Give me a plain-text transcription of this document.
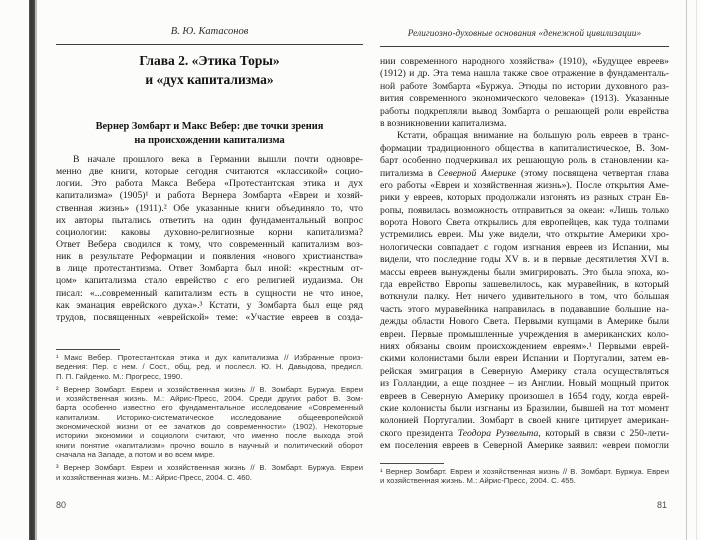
В. Ю. Катасонов
Глава 2. «Этика Торы»
и «дух капитализма»
Вернер Зомбарт и Макс Вебер: две точки зрения
на происхождении капитализма
В начале прошлого века в Германии вышли почти одновре-
менно две книги, которые сегодня считаются «классикой» социо-
логии. Это работа Макса Вебера «Протестантская этика и дух
капитализма» (1905)¹ и работа Вернера Зомбарта «Евреи и хозяй-
ственная жизнь» (1911).² Обе указанные книги объединяло то, что
их авторы пытались ответить на один фундаментальный вопрос
социологии: каковы духовно-религиозные корни капитализма?
Ответ Вебера сводился к тому, что современный капитализм воз-
ник в результате Реформации и появления «нового христианства»
в лице протестантизма. Ответ Зомбарта был иной: «крестным от-
цом» капитализма стало еврейство с его религией иудаизма. Он
писал: «...современный капитализм есть в сущности не что иное,
как эманация еврейского духа».³ Кстати, у Зомбарта был еще ряд
трудов, посвященных «еврейской» теме: «Участие евреев в созда-
¹ Макс Вебер. Протестантская этика и дух капитализма // Избранные произ-
ведения: Пер. с нем. / Сост., общ. ред. и послесл. Ю. Н. Давыдова, предисл.
П. П. Гайденко. М.: Прогресс, 1990.
² Вернер Зомбарт. Евреи и хозяйственная жизнь // В. Зомбарт. Буржуа. Евреи
и хозяйственная жизнь. М.: Айрис-Пресс, 2004. Среди других работ В. Зом-
барта особенно известно его фундаментальное исследование «Современный
капитализм. Историко-систематическое исследование общеевропейской
экономической жизни от ее зачатков до современности» (1902). Некоторые
историки экономики и социологи считают, что именно после выхода этой
книги понятие «капитализм» прочно вошло в научный и политический оборот
сначала на Западе, а потом и во всем мире.
³ Вернер Зомбарт. Евреи и хозяйственная жизнь // В. Зомбарт. Буржуа. Евреи
и хозяйственная жизнь. М.: Айрис-Пресс, 2004. С. 460.
80
Религиозно-духовные основания «денежной цивилизации»
нии современного народного хозяйства» (1910), «Будущее евреев»
(1912) и др. Эта тема нашла также свое отражение в фундаменталь-
ной работе Зомбарта «Буржуа. Этюды по истории духовного раз-
вития современного экономического человека» (1913). Указанные
работы подкрепляли вывод Зомбарта о решающей роли еврейства
в возникновении капитализма.
Кстати, обращая внимание на большую роль евреев в транс-
формации традиционного общества в капиталистическое, В. Зом-
барт особенно подчеркивал их решающую роль в становлении ка-
питализма в Северной Америке (этому посвящена четвертая глава
его работы «Евреи и хозяйственная жизнь»). После открытия Аме-
рики у евреев, которых продолжали изгонять из разных стран Ев-
ропы, появилась возможность отправиться за океан: «Лишь только
ворота Нового Света открылись для европейцев, как туда толпами
устремились евреи. Мы уже видели, что открытие Америки хро-
нологически совпадает с годом изгнания евреев из Испании, мы
видели, что последние годы XV в. и в первые десятилетия XVI в.
массы евреев вынуждены были эмигрировать. Это была эпоха, ко-
гда еврейство Европы зашевелилось, как муравейник, в который
воткнули палку. Нет ничего удивительного в том, что бо́льшая
часть этого муравейника направилась в подававшие большие на-
дежды области Нового Света. Первыми купцами в Америке были
евреи. Первые промышленные учреждения в американских коло-
ниях обязаны своим происхождением евреям».¹ Первыми еврей-
скими колонистами были евреи Испании и Португалии, затем ев-
рейская эмиграция в Северную Америку стала осуществляться
из Голландии, а еще позднее – из Англии. Новый мощный приток
евреев в Северную Америку произошел в 1654 году, когда еврей-
ские колонисты были изгнаны из Бразилии, бывшей на тот момент
колонией Португалии. Зомбарт в своей книге цитирует американ-
ского президента Теодора Рузвельта, который в связи с 250-лети-
ем поселения евреев в Северной Америке заявил: «евреи помогли
¹ Вернер Зомбарт. Евреи и хозяйственная жизнь // В. Зомбарт. Буржуа. Евреи
и хозяйственная жизнь. М.: Айрис-Пресс, 2004. С. 455.
81
